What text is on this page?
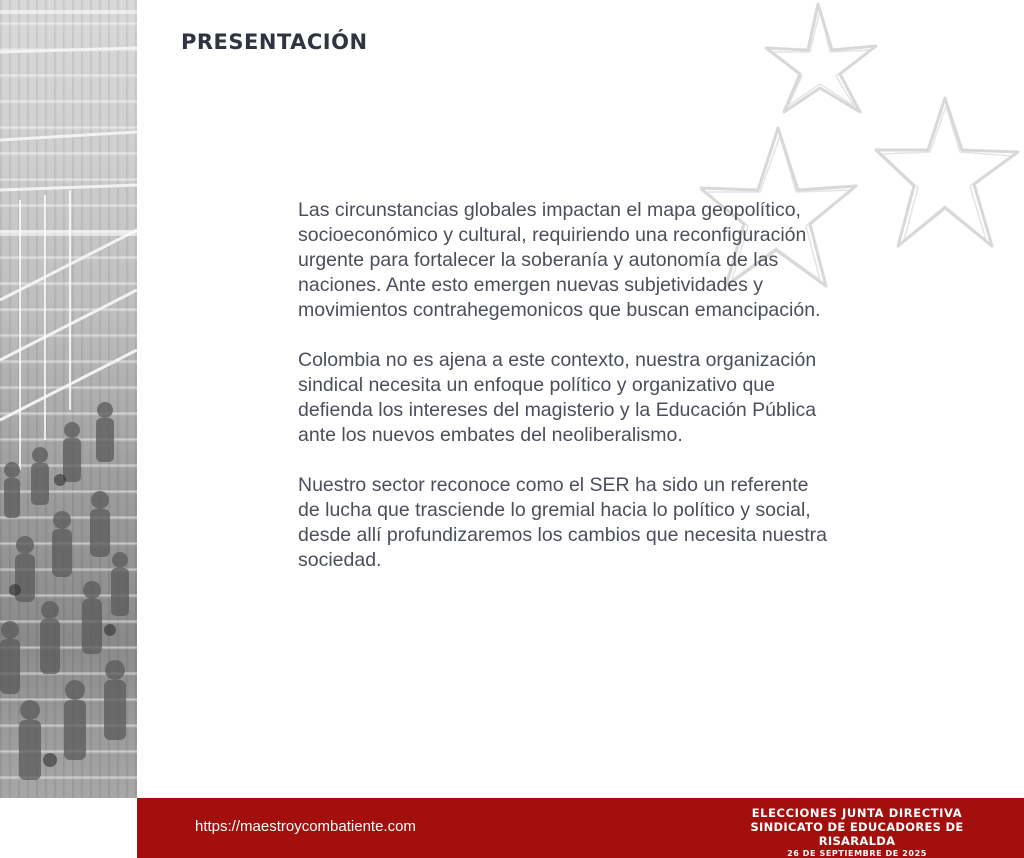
PRESENTACIÓN

Las circunstancias globales impactan el mapa geopolítico,
socioeconómico y cultural, requiriendo una reconfiguración
urgente para fortalecer la soberanía y autonomía de las
naciones. Ante esto emergen nuevas subjetividades y
movimientos contrahegemonicos que buscan emancipación.

Colombia no es ajena a este contexto, nuestra organización
sindical necesita un enfoque político y organizativo que
defienda los intereses del magisterio y la Educación Pública
ante los nuevos embates del neoliberalismo.

Nuestro sector reconoce como el SER ha sido un referente
de lucha que trasciende lo gremial hacia lo político y social,
desde allí profundizaremos los cambios que necesita nuestra
sociedad.

https://maestroycombatiente.com
ELECCIONES JUNTA DIRECTIVA
SINDICATO DE EDUCADORES DE RISARALDA
26 DE SEPTIEMBRE DE 2025
